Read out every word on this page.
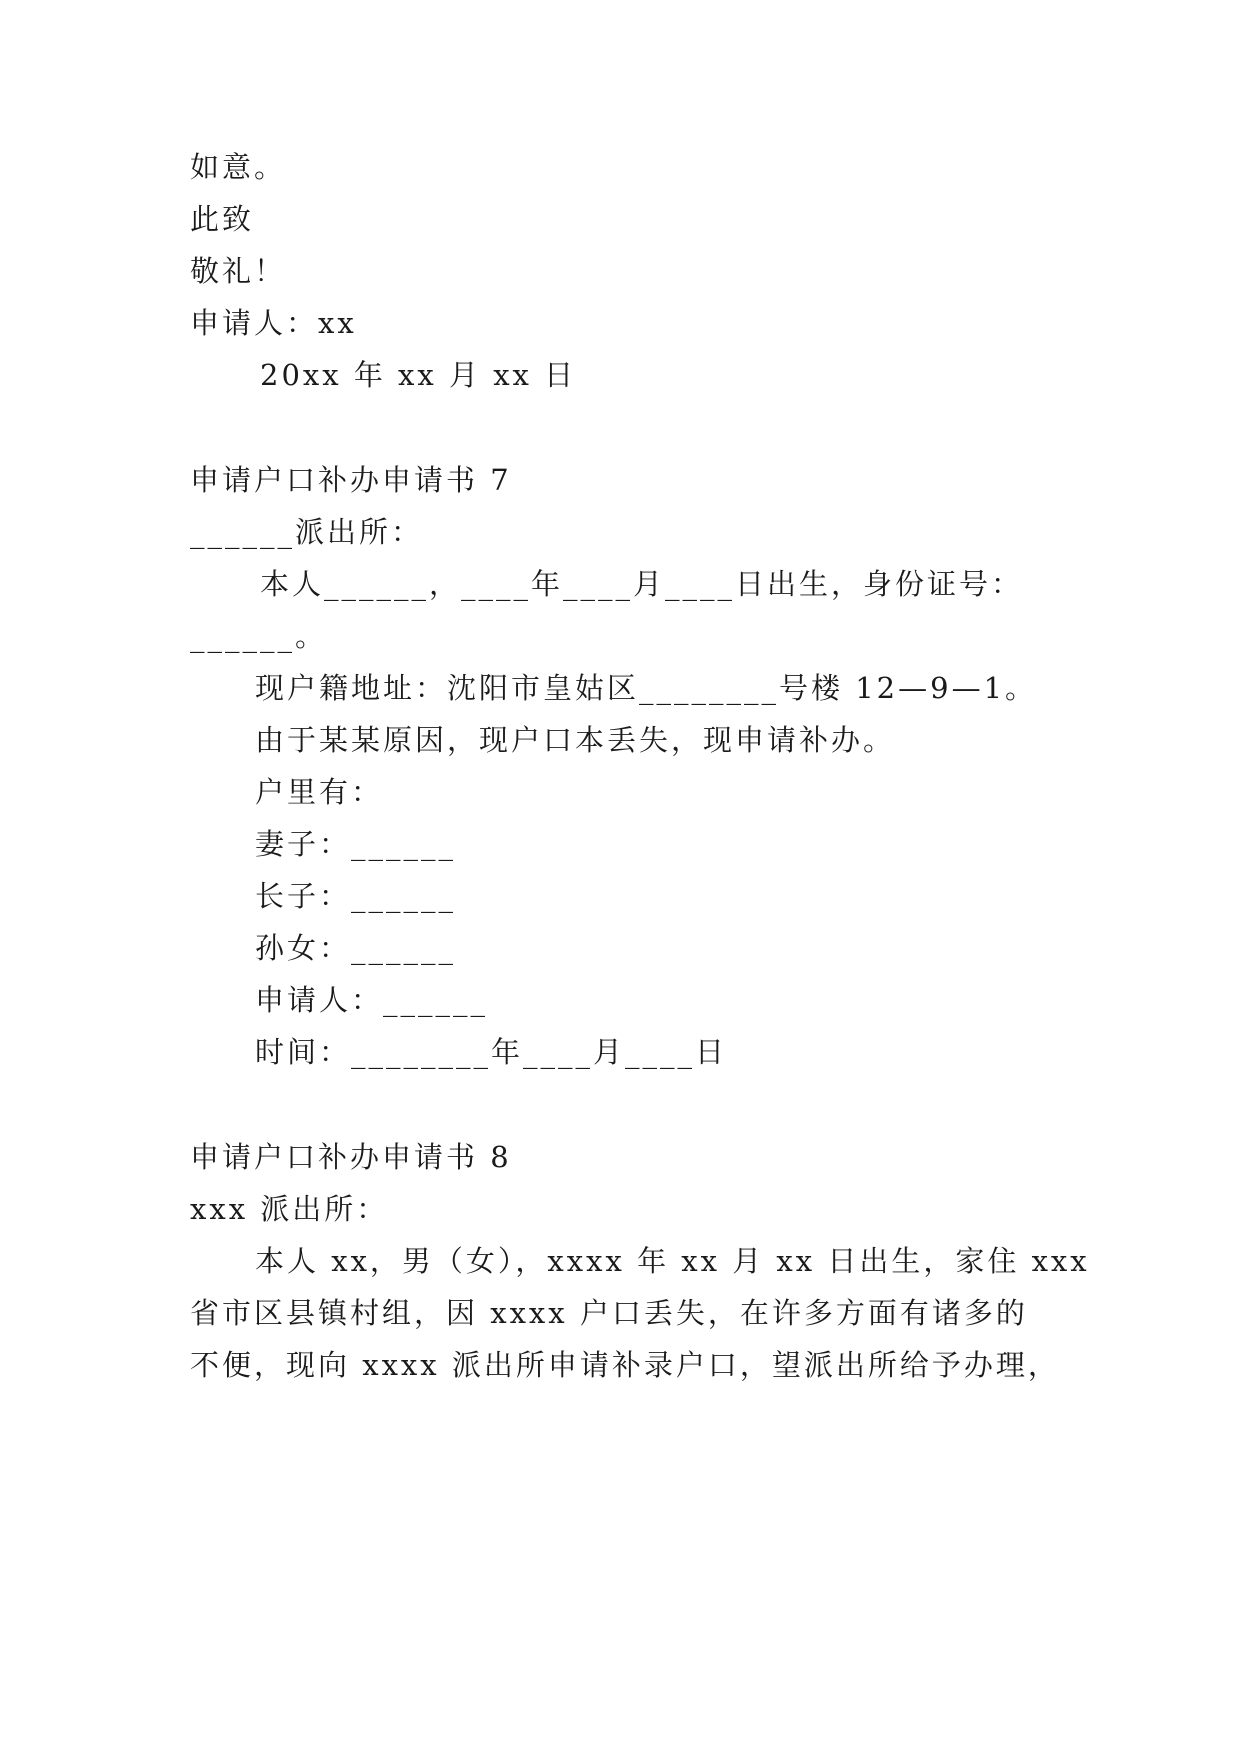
如意。
此致
敬礼！
申请人：xx
20xx 年 xx 月 xx 日
申请户口补办申请书 7
______派出所：
本人______，____年____月____日出生，身份证号：
______。
现户籍地址：沈阳市皇姑区________号楼 12—9—1。
由于某某原因，现户口本丢失，现申请补办。
户里有：
妻子：______
长子：______
孙女：______
申请人：______
时间：________年____月____日
申请户口补办申请书 8
xxx 派出所：
本人 xx，男（女），xxxx 年 xx 月 xx 日出生，家住 xxx
省市区县镇村组，因 xxxx 户口丢失，在许多方面有诸多的
不便，现向 xxxx 派出所申请补录户口，望派出所给予办理，
